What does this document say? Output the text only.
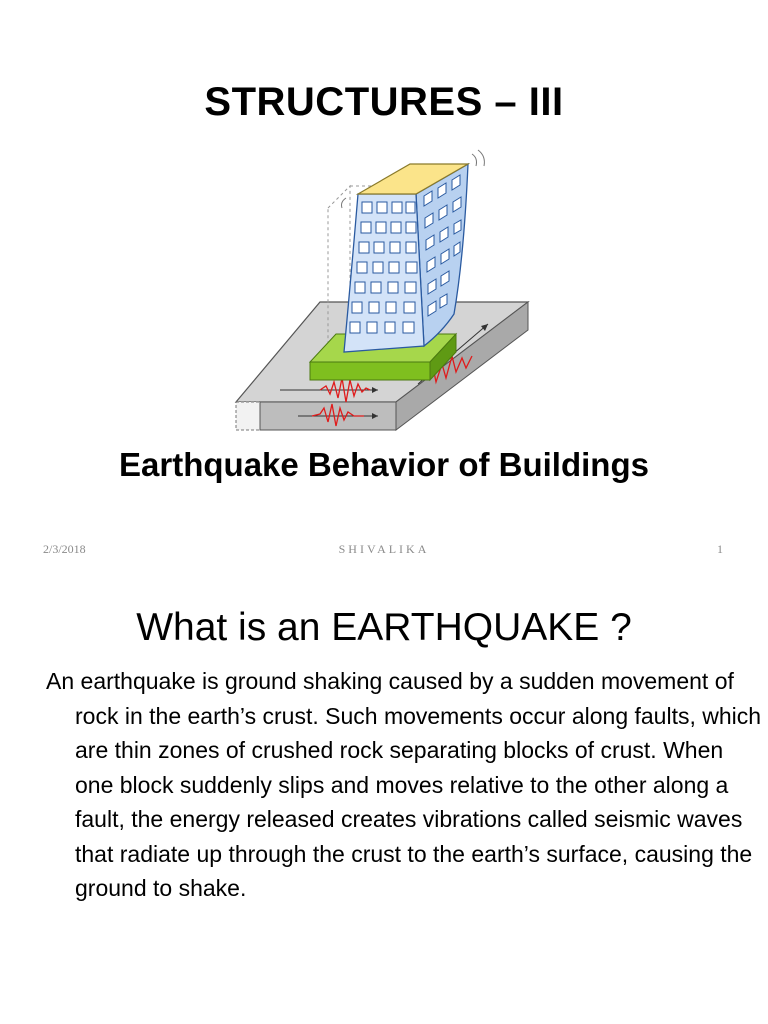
STRUCTURES – III
Earthquake Behavior of Buildings
2/3/2018	SHIVALIKA	1
What is an EARTHQUAKE ?

An earthquake is ground shaking caused by a sudden movement of rock in the earth’s crust. Such movements occur along faults, which are thin zones of crushed rock separating blocks of crust. When one block suddenly slips and moves relative to the other along a fault, the energy released creates vibrations called seismic waves that radiate up through the crust to the earth’s surface, causing the ground to shake.
